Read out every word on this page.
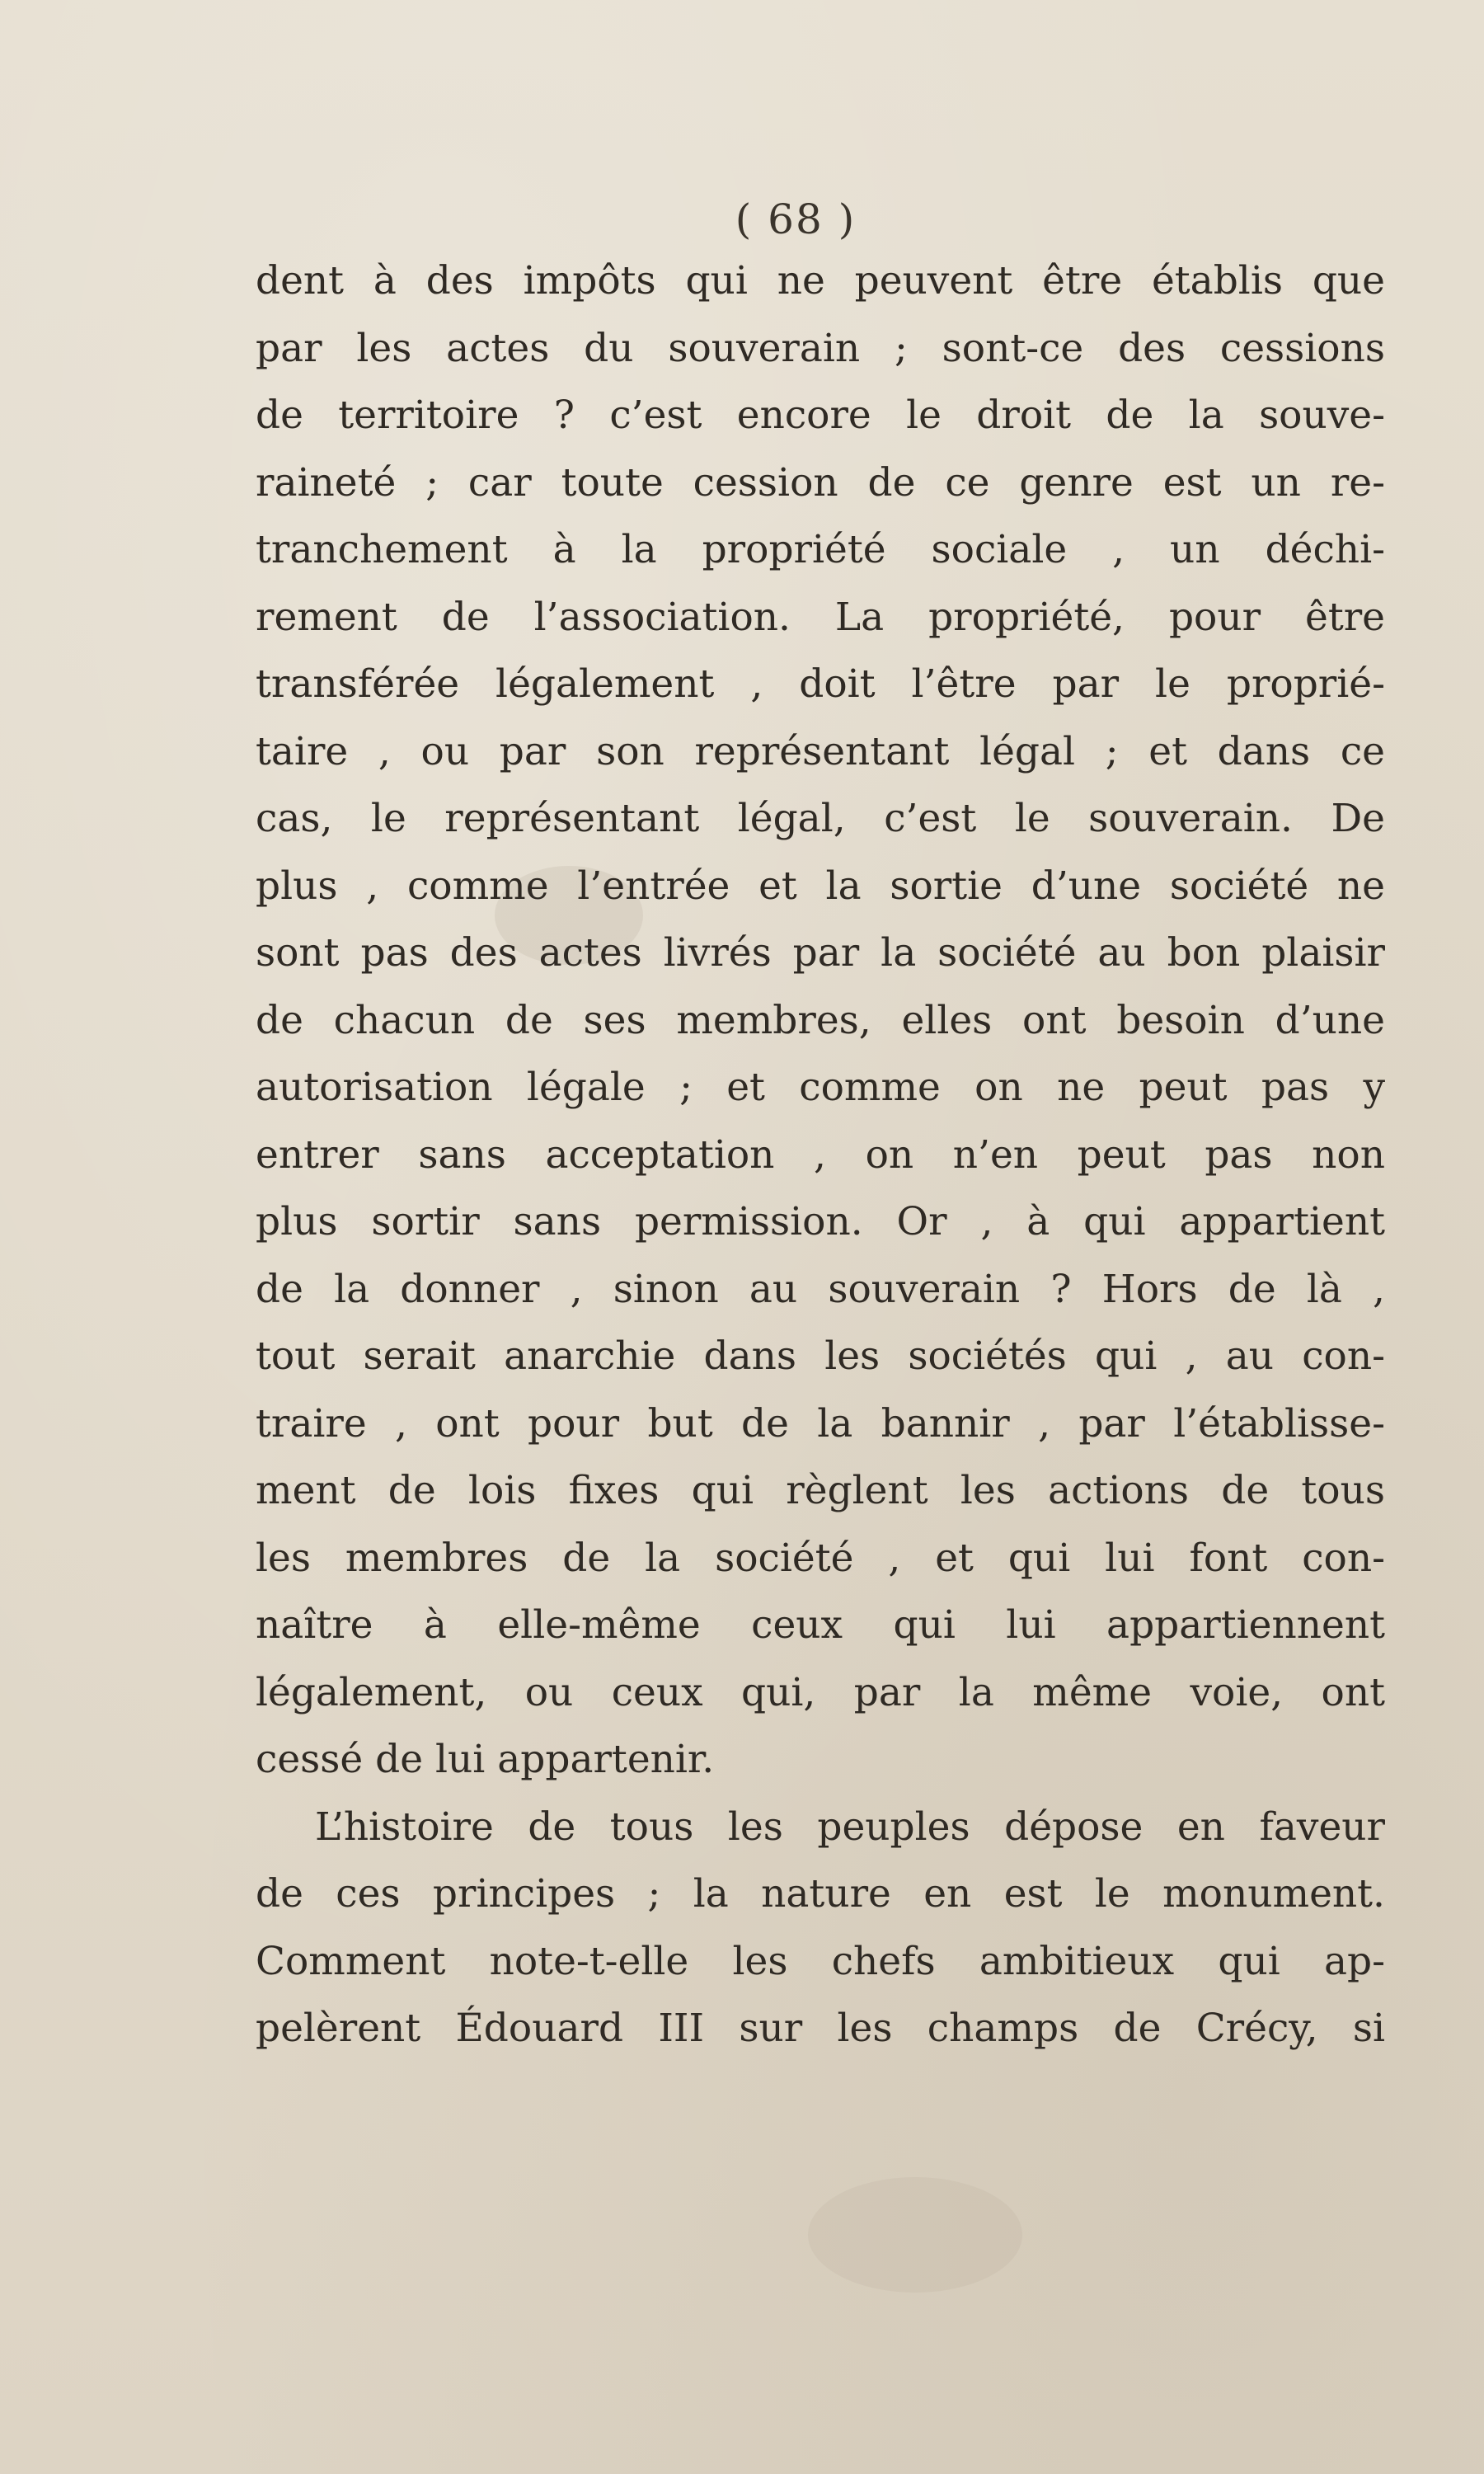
( 68 )
dent à des impôts qui ne peuvent être établis que
par les actes du souverain ; sont-ce des cessions
de territoire ? c’est encore le droit de la souve-
raineté ; car toute cession de ce genre est un re-
tranchement à la propriété sociale , un déchi-
rement de l’association. La propriété, pour être
transférée légalement , doit l’être par le proprié-
taire , ou par son représentant légal ; et dans ce
cas, le représentant légal, c’est le souverain. De
plus , comme l’entrée et la sortie d’une société ne
sont pas des actes livrés par la société au bon plaisir
de chacun de ses membres, elles ont besoin d’une
autorisation légale ; et comme on ne peut pas y
entrer sans acceptation , on n’en peut pas non
plus sortir sans permission. Or , à qui appartient
de la donner , sinon au souverain ? Hors de là ,
tout serait anarchie dans les sociétés qui , au con-
traire , ont pour but de la bannir , par l’établisse-
ment de lois fixes qui règlent les actions de tous
les membres de la société , et qui lui font con-
naître à elle-même ceux qui lui appartiennent
légalement, ou ceux qui, par la même voie, ont
cessé de lui appartenir.
L’histoire de tous les peuples dépose en faveur
de ces principes ; la nature en est le monument.
Comment note-t-elle les chefs ambitieux qui ap-
pelèrent Édouard III sur les champs de Crécy, si
